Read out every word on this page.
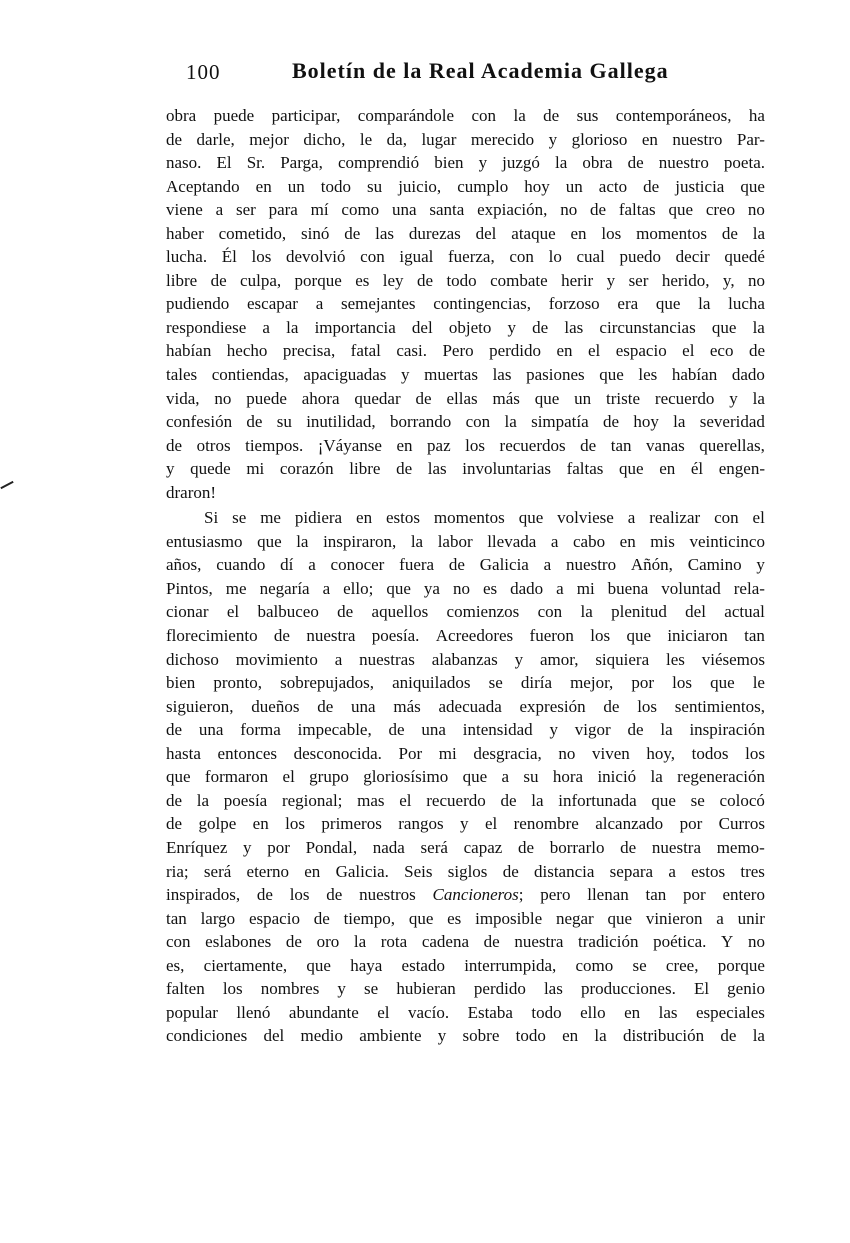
100	Boletín de la Real Academia Gallega
obra puede participar, comparándole con la de sus contemporáneos, ha
de darle, mejor dicho, le da, lugar merecido y glorioso en nuestro Par-
naso. El Sr. Parga, comprendió bien y juzgó la obra de nuestro poeta.
Aceptando en un todo su juicio, cumplo hoy un acto de justicia que
viene a ser para mí como una santa expiación, no de faltas que creo no
haber cometido, sinó de las durezas del ataque en los momentos de la
lucha. Él los devolvió con igual fuerza, con lo cual puedo decir quedé
libre de culpa, porque es ley de todo combate herir y ser herido, y, no
pudiendo escapar a semejantes contingencias, forzoso era que la lucha
respondiese a la importancia del objeto y de las circunstancias que la
habían hecho precisa, fatal casi. Pero perdido en el espacio el eco de
tales contiendas, apaciguadas y muertas las pasiones que les habían dado
vida, no puede ahora quedar de ellas más que un triste recuerdo y la
confesión de su inutilidad, borrando con la simpatía de hoy la severidad
de otros tiempos. ¡Váyanse en paz los recuerdos de tan vanas querellas,
y quede mi corazón libre de las involuntarias faltas que en él engen-
draron!
Si se me pidiera en estos momentos que volviese a realizar con el
entusiasmo que la inspiraron, la labor llevada a cabo en mis veinticinco
años, cuando dí a conocer fuera de Galicia a nuestro Añón, Camino y
Pintos, me negaría a ello; que ya no es dado a mi buena voluntad rela-
cionar el balbuceo de aquellos comienzos con la plenitud del actual
florecimiento de nuestra poesía. Acreedores fueron los que iniciaron tan
dichoso movimiento a nuestras alabanzas y amor, siquiera les viésemos
bien pronto, sobrepujados, aniquilados se diría mejor, por los que le
siguieron, dueños de una más adecuada expresión de los sentimientos,
de una forma impecable, de una intensidad y vigor de la inspiración
hasta entonces desconocida. Por mi desgracia, no viven hoy, todos los
que formaron el grupo gloriosísimo que a su hora inició la regeneración
de la poesía regional; mas el recuerdo de la infortunada que se colocó
de golpe en los primeros rangos y el renombre alcanzado por Curros
Enríquez y por Pondal, nada será capaz de borrarlo de nuestra memo-
ria; será eterno en Galicia. Seis siglos de distancia separa a estos tres
inspirados, de los de nuestros Cancioneros; pero llenan tan por entero
tan largo espacio de tiempo, que es imposible negar que vinieron a unir
con eslabones de oro la rota cadena de nuestra tradición poética. Y no
es, ciertamente, que haya estado interrumpida, como se cree, porque
falten los nombres y se hubieran perdido las producciones. El genio
popular llenó abundante el vacío. Estaba todo ello en las especiales
condiciones del medio ambiente y sobre todo en la distribución de la
